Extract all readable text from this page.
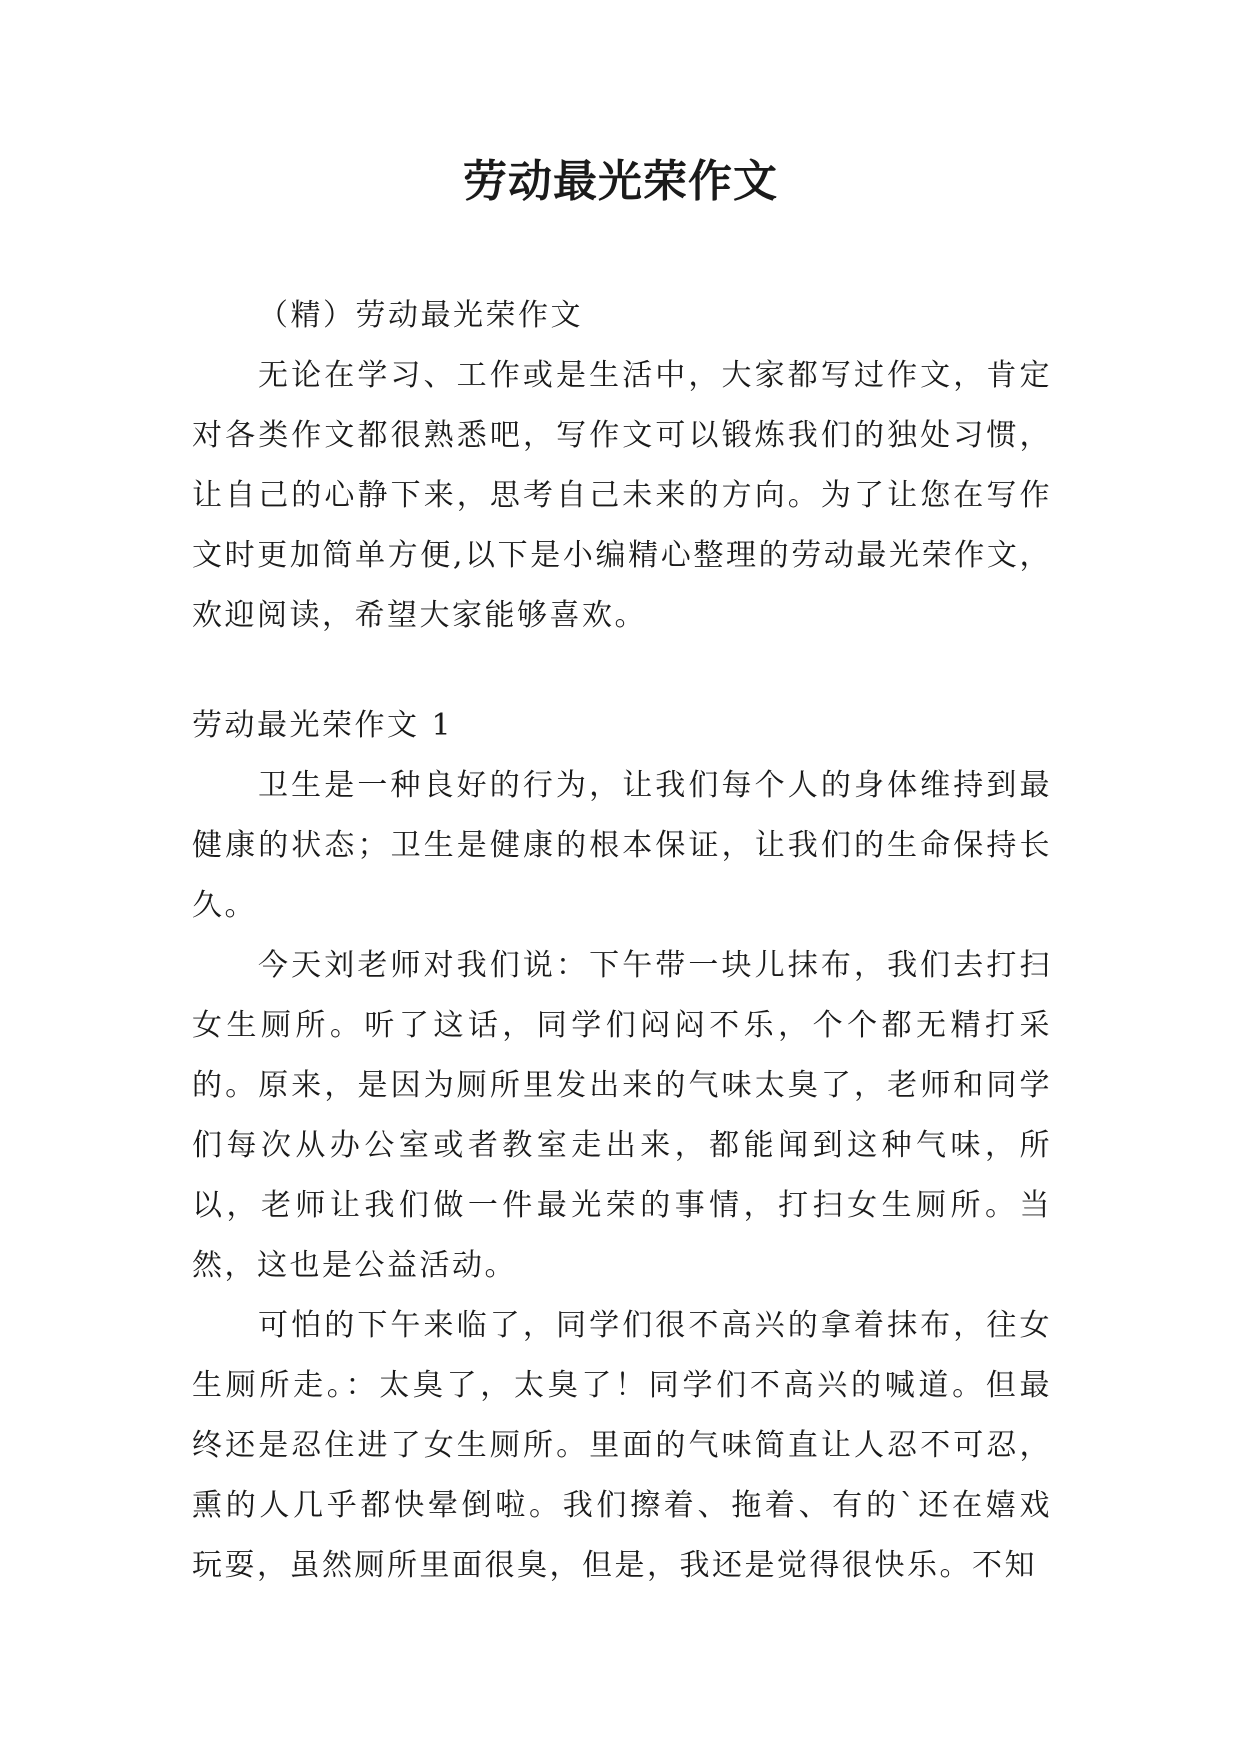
劳动最光荣作文

（精）劳动最光荣作文

无论在学习、工作或是生活中，大家都写过作文，肯定对各类作文都很熟悉吧，写作文可以锻炼我们的独处习惯，让自己的心静下来，思考自己未来的方向。为了让您在写作文时更加简单方便,以下是小编精心整理的劳动最光荣作文，欢迎阅读，希望大家能够喜欢。

劳动最光荣作文 1

卫生是一种良好的行为，让我们每个人的身体维持到最健康的状态；卫生是健康的根本保证，让我们的生命保持长久。

今天刘老师对我们说：下午带一块儿抹布，我们去打扫女生厕所。听了这话，同学们闷闷不乐，个个都无精打采的。原来，是因为厕所里发出来的气味太臭了，老师和同学们每次从办公室或者教室走出来，都能闻到这种气味，所以，老师让我们做一件最光荣的事情，打扫女生厕所。当然，这也是公益活动。

可怕的下午来临了，同学们很不高兴的拿着抹布，往女生厕所走。：太臭了，太臭了！同学们不高兴的喊道。但最终还是忍住进了女生厕所。里面的气味简直让人忍不可忍，熏的人几乎都快晕倒啦。我们擦着、拖着、有的`还在嬉戏玩耍，虽然厕所里面很臭，但是，我还是觉得很快乐。不知
